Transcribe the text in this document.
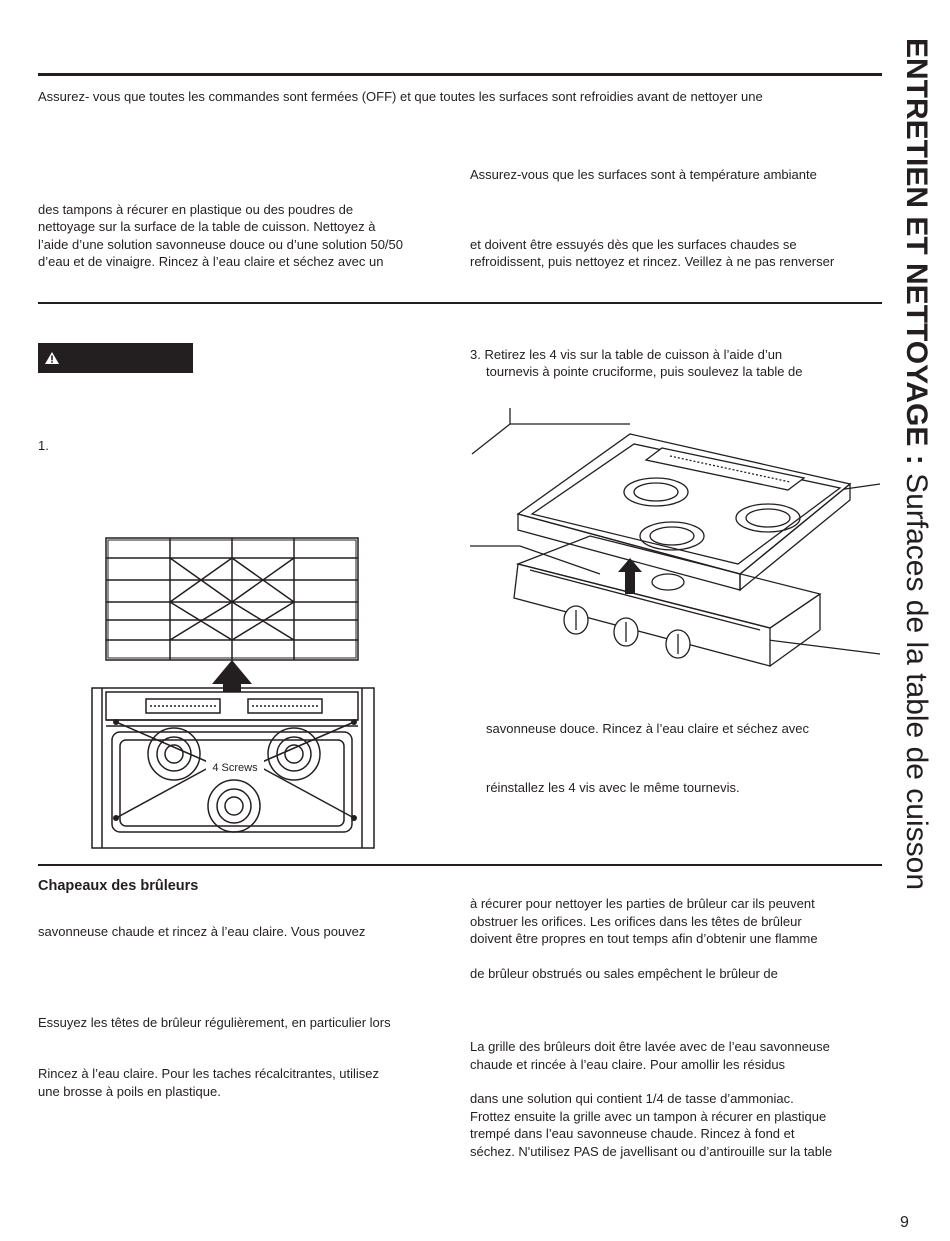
Assurez- vous que toutes les commandes sont fermées (OFF) et que toutes les surfaces sont refroidies avant de nettoyer une
des tampons à récurer en plastique ou des poudres de
nettoyage sur la surface de la table de cuisson. Nettoyez à
l’aide d’une solution savonneuse douce ou d’une solution 50/50
d’eau et de vinaigre. Rincez à l’eau claire et séchez avec un
Assurez-vous que les surfaces sont à température ambiante
et doivent être essuyés dès que les surfaces chaudes se
refroidissent, puis nettoyez et rincez. Veillez à ne pas renverser
1.
3. Retirez les 4 vis sur la table de cuisson à l’aide d’un
tournevis à pointe cruciforme, puis soulevez la table de
4 Screws
savonneuse douce. Rincez à l’eau claire et séchez avec
réinstallez les 4 vis avec le même tournevis.
Chapeaux des brûleurs
savonneuse chaude et rincez à l’eau claire. Vous pouvez
Essuyez les têtes de brûleur régulièrement, en particulier lors
Rincez à l’eau claire. Pour les taches récalcitrantes, utilisez
une brosse à poils en plastique.
à récurer pour nettoyer les parties de brûleur car ils peuvent
obstruer les orifices. Les orifices dans les têtes de brûleur
doivent être propres en tout temps afin d’obtenir une flamme
de brûleur obstrués ou sales empêchent le brûleur de
La grille des brûleurs doit être lavée avec de l’eau savonneuse
chaude et rincée à l’eau claire. Pour amollir les résidus
dans une solution qui contient 1/4 de tasse d’ammoniac.
Frottez ensuite la grille avec un tampon à récurer en plastique
trempé dans l’eau savonneuse chaude. Rincez à fond et
séchez. N'utilisez PAS de javellisant ou d’antirouille sur la table
ENTRETIEN ET NETTOYAGE : Surfaces de la table de cuisson
9
